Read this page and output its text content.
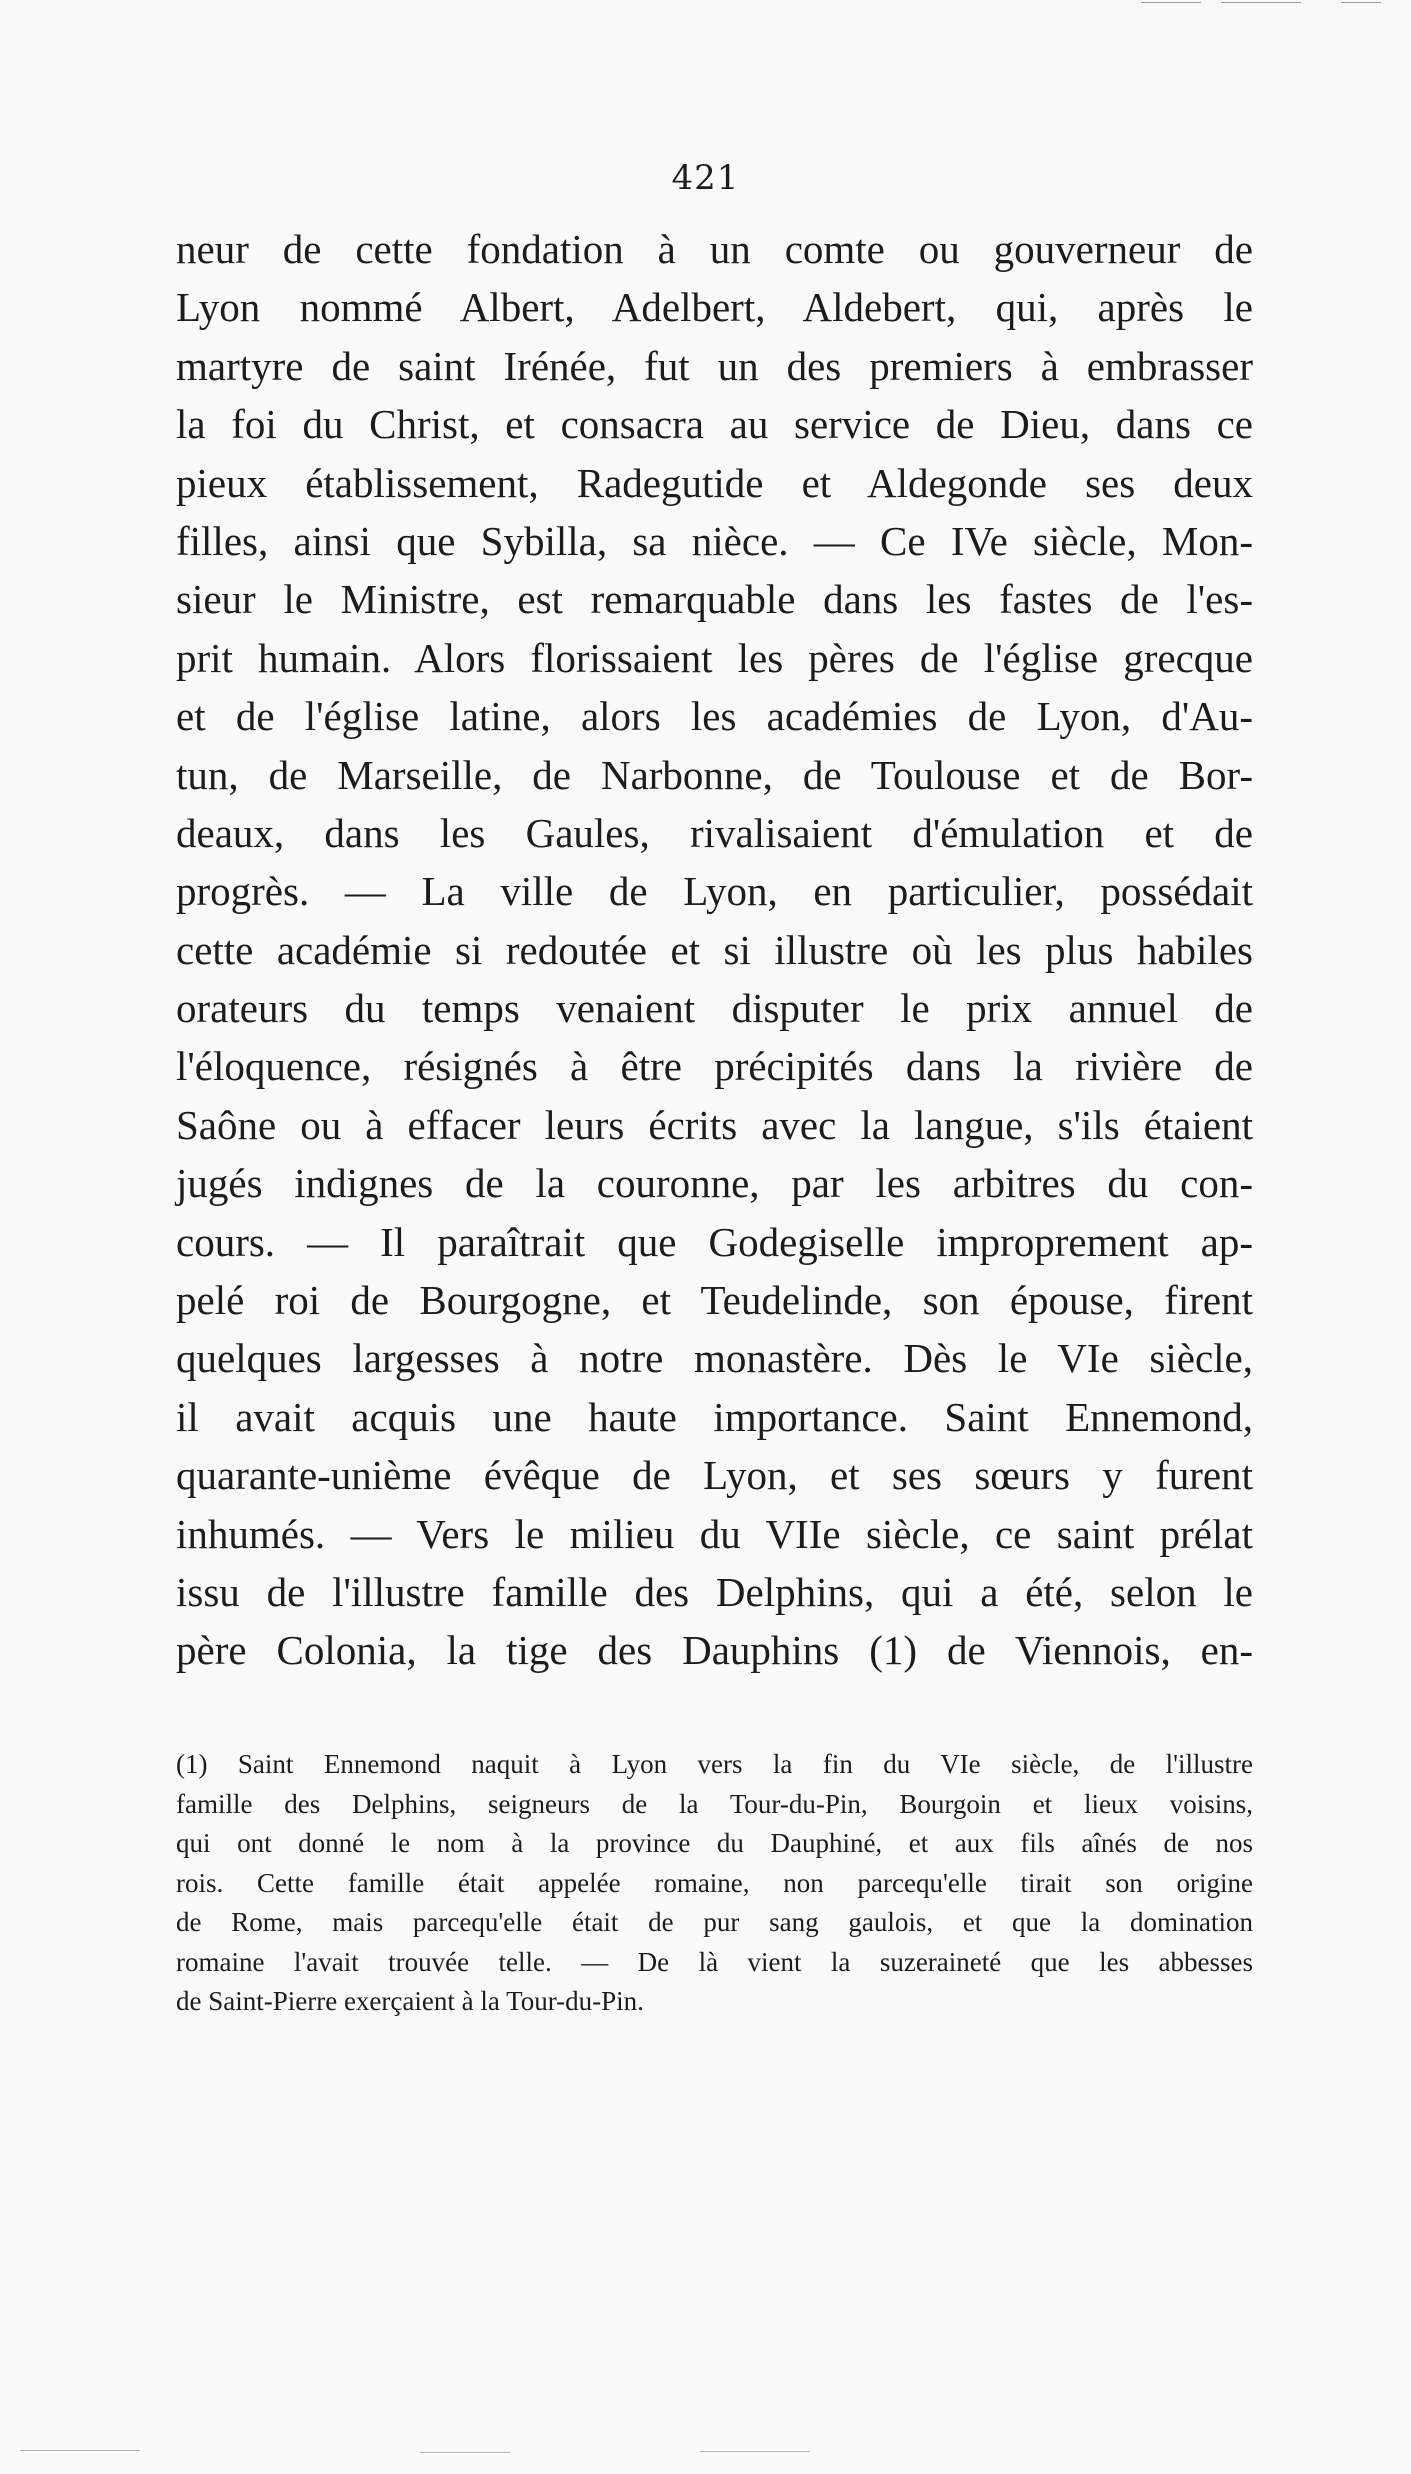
421
neur de cette fondation à un comte ou gouverneur de
Lyon nommé Albert, Adelbert, Aldebert, qui, après le
martyre de saint Irénée, fut un des premiers à embrasser
la foi du Christ, et consacra au service de Dieu, dans ce
pieux établissement, Radegutide et Aldegonde ses deux
filles, ainsi que Sybilla, sa nièce. — Ce IVe siècle, Mon-
sieur le Ministre, est remarquable dans les fastes de l'es-
prit humain. Alors florissaient les pères de l'église grecque
et de l'église latine, alors les académies de Lyon, d'Au-
tun, de Marseille, de Narbonne, de Toulouse et de Bor-
deaux, dans les Gaules, rivalisaient d'émulation et de
progrès. — La ville de Lyon, en particulier, possédait
cette académie si redoutée et si illustre où les plus habiles
orateurs du temps venaient disputer le prix annuel de
l'éloquence, résignés à être précipités dans la rivière de
Saône ou à effacer leurs écrits avec la langue, s'ils étaient
jugés indignes de la couronne, par les arbitres du con-
cours. — Il paraîtrait que Godegiselle improprement ap-
pelé roi de Bourgogne, et Teudelinde, son épouse, firent
quelques largesses à notre monastère. Dès le VIe siècle,
il avait acquis une haute importance. Saint Ennemond,
quarante-unième évêque de Lyon, et ses sœurs y furent
inhumés. — Vers le milieu du VIIe siècle, ce saint prélat
issu de l'illustre famille des Delphins, qui a été, selon le
père Colonia, la tige des Dauphins (1) de Viennois, en-
(1) Saint Ennemond naquit à Lyon vers la fin du VIe siècle, de l'illustre
famille des Delphins, seigneurs de la Tour-du-Pin, Bourgoin et lieux voisins,
qui ont donné le nom à la province du Dauphiné, et aux fils aînés de nos
rois. Cette famille était appelée romaine, non parcequ'elle tirait son origine
de Rome, mais parcequ'elle était de pur sang gaulois, et que la domination
romaine l'avait trouvée telle. — De là vient la suzeraineté que les abbesses
de Saint-Pierre exerçaient à la Tour-du-Pin.
